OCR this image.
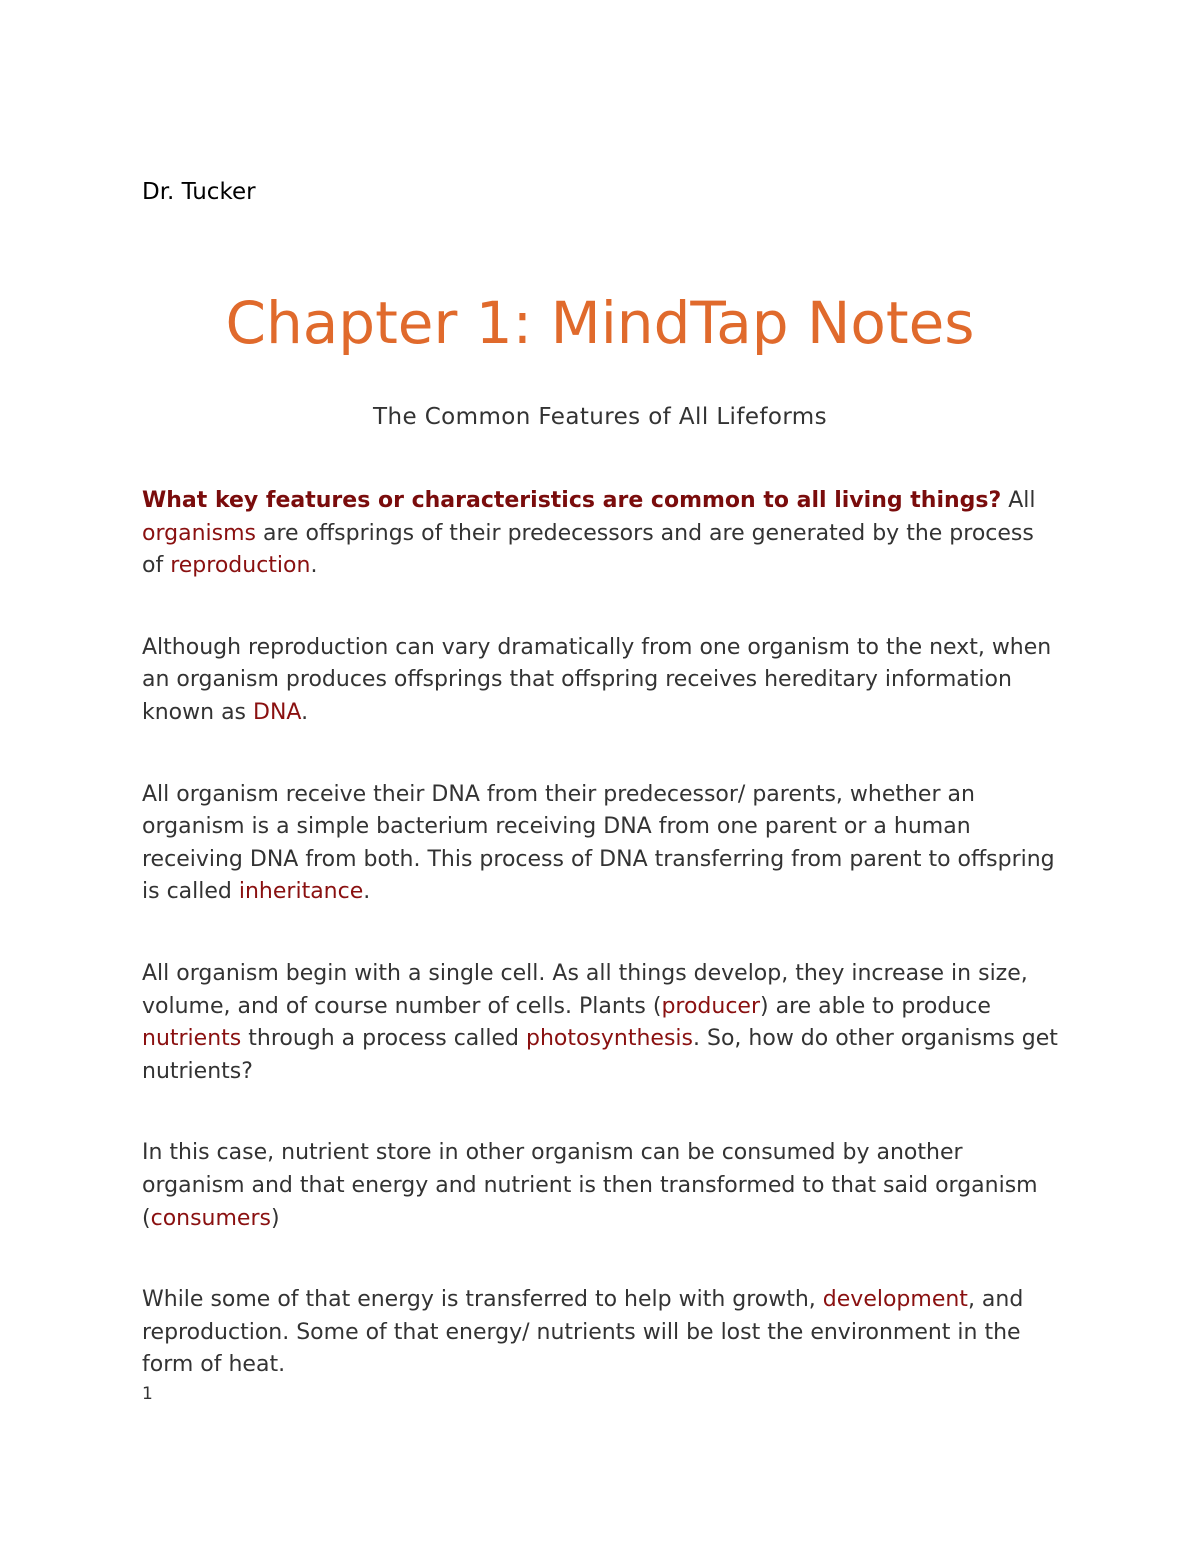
Dr. Tucker
Chapter 1: MindTap Notes
The Common Features of All Lifeforms

What key features or characteristics are common to all living things? All organisms are offsprings of their predecessors and are generated by the process of reproduction.

Although reproduction can vary dramatically from one organism to the next, when an organism produces offsprings that offspring receives hereditary information known as DNA.

All organism receive their DNA from their predecessor/ parents, whether an organism is a simple bacterium receiving DNA from one parent or a human receiving DNA from both. This process of DNA transferring from parent to offspring is called inheritance.

All organism begin with a single cell. As all things develop, they increase in size, volume, and of course number of cells. Plants (producer) are able to produce nutrients through a process called photosynthesis. So, how do other organisms get nutrients?

In this case, nutrient store in other organism can be consumed by another organism and that energy and nutrient is then transformed to that said organism (consumers)

While some of that energy is transferred to help with growth, development, and reproduction. Some of that energy/ nutrients will be lost the environment in the form of heat.

1
